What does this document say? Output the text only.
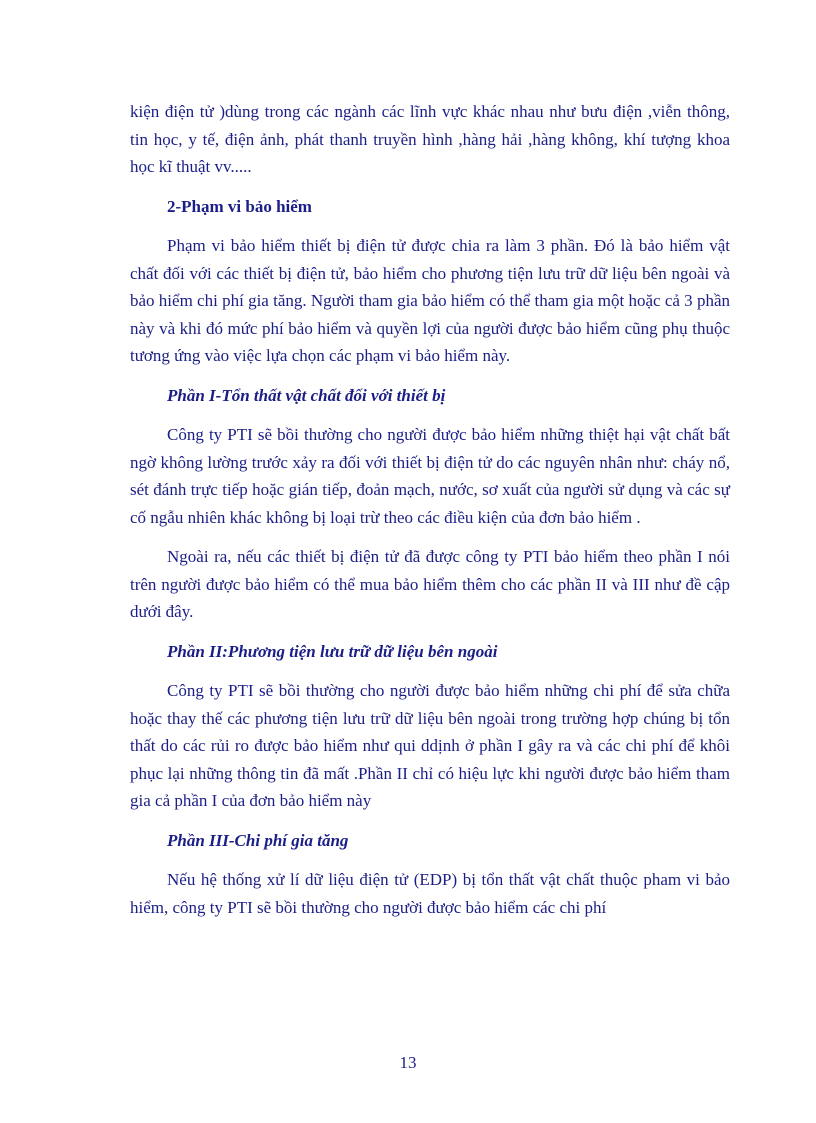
kiện điện tử )dùng trong các ngành các lĩnh vực khác nhau như bưu điện ,viễn thông, tin học, y tế, điện ảnh, phát thanh truyền hình ,hàng hải ,hàng không, khí tượng khoa học kĩ thuật vv.....

2-Phạm vi bảo hiểm

Phạm vi bảo hiểm thiết bị điện tử được chia ra làm 3 phần. Đó là bảo hiểm vật chất đối với các thiết bị điện tử, bảo hiểm cho phương tiện lưu trữ dữ liệu bên ngoài và bảo hiểm chi phí gia tăng. Người tham gia bảo hiểm có thể tham gia một hoặc cả 3 phần này và khi đó mức phí bảo hiểm và quyền lợi của người được bảo hiểm cũng phụ thuộc tương ứng vào việc lựa chọn các phạm vi bảo hiểm này.

Phần I-Tổn thất vật chất đối với thiết bị

Công ty PTI sẽ bồi thường cho người được bảo hiểm những thiệt hại vật chất bất ngờ không lường trước xảy ra đối với thiết bị điện tử do các nguyên nhân như: cháy nổ, sét đánh trực tiếp hoặc gián tiếp, đoản mạch, nước, sơ xuất của người sử dụng và các sự cố ngẫu nhiên khác không bị loại trừ theo các điều kiện của đơn bảo hiểm .

Ngoài ra, nếu các thiết bị điện tử đã được công ty PTI bảo hiểm theo phần I nói trên người được bảo hiểm có thể mua bảo hiểm thêm cho các phần II và III như đề cập dưới đây.

Phần II:Phương tiện lưu trữ dữ liệu bên ngoài

Công ty PTI sẽ bồi thường cho người được bảo hiểm những chi phí để sửa chữa hoặc thay thế các phương tiện lưu trữ dữ liệu bên ngoài trong trường hợp chúng bị tổn thất do các rủi ro được bảo hiểm như qui ddịnh ở phần I gây ra và các chi phí để khôi phục lại những thông tin đã mất .Phần II chỉ có hiệu lực khi người được bảo hiểm tham gia cả phần I của đơn bảo hiểm này

Phần III-Chi phí gia tăng

Nếu hệ thống xử lí dữ liệu điện tử (EDP) bị tổn thất vật chất thuộc pham vi bảo hiểm, công ty PTI sẽ bồi thường cho người được bảo hiểm các chi phí

13
